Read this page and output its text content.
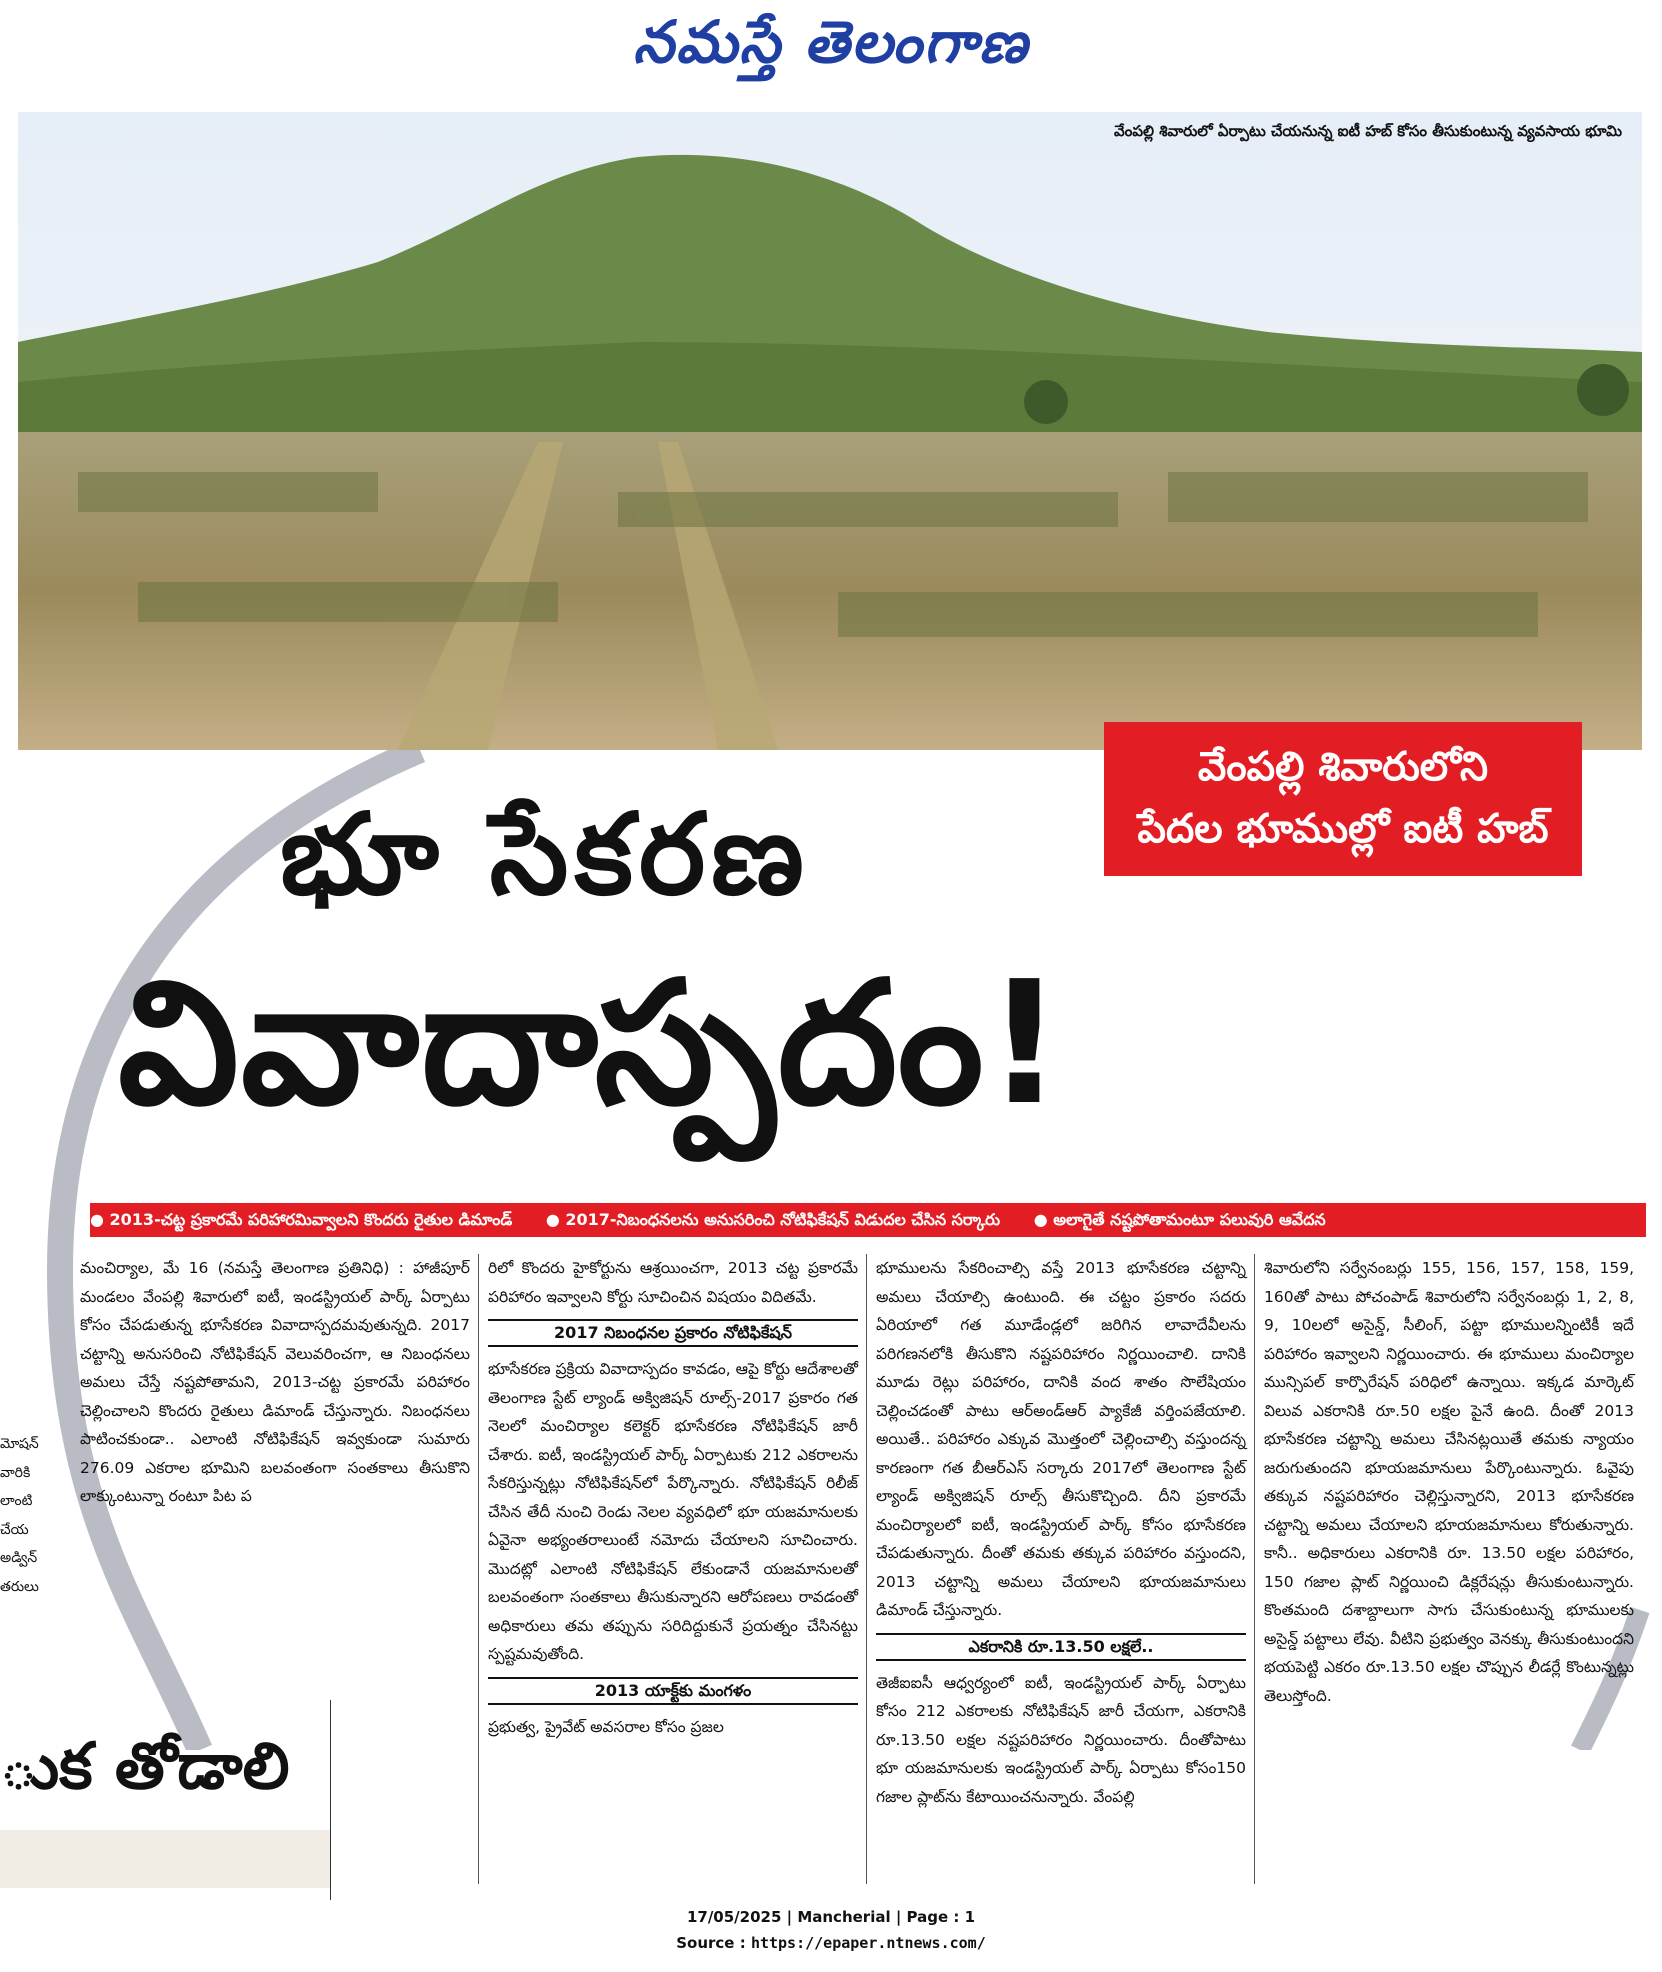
నమస్తే తెలంగాణ
వేంపల్లి శివారులో ఏర్పాటు చేయనున్న ఐటీ హబ్ కోసం తీసుకుంటున్న వ్యవసాయ భూమి
వేంపల్లి శివారులోని
పేదల భూముల్లో ఐటీ హబ్
భూ సేకరణ
వివాదాస్పదం!
● 2013-చట్ట ప్రకారమే పరిహారమివ్వాలని కొందరు రైతుల డిమాండ్ ● 2017-నిబంధనలను అనుసరించి నోటిఫికేషన్ విడుదల చేసిన సర్కారు ● అలాగైతే నష్టపోతామంటూ పలువురి ఆవేదన
మోషన్
వారికి
లాంటి
చేయ
అడ్విన్
తరులు
ుక తోడాలి

మంచిర్యాల, మే 16 (నమస్తే తెలంగాణ ప్రతినిధి) : హాజీపూర్ మండలం వేంపల్లి శివారులో ఐటీ, ఇండస్ట్రియల్ పార్క్ ఏర్పాటు కోసం చేపడుతున్న భూసేకరణ వివాదాస్పదమవుతున్నది. 2017 చట్టాన్ని అనుసరించి నోటిఫికేషన్ వెలువరించగా, ఆ నిబంధనలు అమలు చేస్తే నష్టపోతామని, 2013-చట్ట ప్రకారమే పరిహారం చెల్లించాలని కొందరు రైతులు డిమాండ్ చేస్తున్నారు. నిబంధనలు పాటించకుండా.. ఎలాంటి నోటిఫికేషన్ ఇవ్వకుండా సుమారు 276.09 ఎకరాల భూమిని బలవంతంగా సంతకాలు తీసుకొని లాక్కుంటున్నా రంటూ పిట ప

రిలో కొందరు హైకోర్టును ఆశ్రయించగా, 2013 చట్ట ప్రకారమే పరిహారం ఇవ్వాలని కోర్టు సూచించిన విషయం విదితమే.

2017 నిబంధనల ప్రకారం నోటిఫికేషన్

భూసేకరణ ప్రక్రియ వివాదాస్పదం కావడం, ఆపై కోర్టు ఆదేశాలతో తెలంగాణ స్టేట్ ల్యాండ్ అక్విజిషన్ రూల్స్-2017 ప్రకారం గత నెలలో మంచిర్యాల కలెక్టర్ భూసేకరణ నోటిఫికేషన్ జారీ చేశారు. ఐటీ, ఇండస్ట్రియల్ పార్క్ ఏర్పాటుకు 212 ఎకరాలను సేకరిస్తున్నట్లు నోటిఫికేషన్‌లో పేర్కొన్నారు. నోటిఫికేషన్ రిలీజ్ చేసిన తేదీ నుంచి రెండు నెలల వ్యవధిలో భూ యజమానులకు ఏవైనా అభ్యంతరాలుంటే నమోదు చేయాలని సూచించారు. మొదట్లో ఎలాంటి నోటిఫికేషన్ లేకుండానే యజమానులతో బలవంతంగా సంతకాలు తీసుకున్నారని ఆరోపణలు రావడంతో అధికారులు తమ తప్పును సరిదిద్దుకునే ప్రయత్నం చేసినట్టు స్పష్టమవుతోంది.

2013 యాక్ట్‌కు మంగళం

ప్రభుత్వ, ప్రైవేట్ అవసరాల కోసం ప్రజల

భూములను సేకరించాల్సి వస్తే 2013 భూసేకరణ చట్టాన్ని అమలు చేయాల్సి ఉంటుంది. ఈ చట్టం ప్రకారం సదరు ఏరియాలో గత మూడేండ్లలో జరిగిన లావాదేవీలను పరిగణనలోకి తీసుకొని నష్టపరిహారం నిర్ణయించాలి. దానికి మూడు రెట్లు పరిహారం, దానికి వంద శాతం సొలేషియం చెల్లించడంతో పాటు ఆర్‌అండ్‌ఆర్ ప్యాకేజీ వర్తింపజేయాలి. అయితే.. పరిహారం ఎక్కువ మొత్తంలో చెల్లించాల్సి వస్తుందన్న కారణంగా గత బీఆర్ఎస్ సర్కారు 2017లో తెలంగాణ స్టేట్ ల్యాండ్ అక్విజిషన్ రూల్స్ తీసుకొచ్చింది. దీని ప్రకారమే మంచిర్యాలలో ఐటీ, ఇండస్ట్రియల్ పార్క్ కోసం భూసేకరణ చేపడుతున్నారు. దీంతో తమకు తక్కువ పరిహారం వస్తుందని, 2013 చట్టాన్ని అమలు చేయాలని భూయజమానులు డిమాండ్ చేస్తున్నారు.

ఎకరానికి రూ.13.50 లక్షలే..

తెజీఐఐసీ ఆధ్వర్యంలో ఐటీ, ఇండస్ట్రియల్ పార్క్ ఏర్పాటు కోసం 212 ఎకరాలకు నోటిఫికేషన్ జారీ చేయగా, ఎకరానికి రూ.13.50 లక్షల నష్టపరిహారం నిర్ణయించారు. దీంతోపాటు భూ యజమానులకు ఇండస్ట్రియల్ పార్క్ ఏర్పాటు కోసం150 గజాల ప్లాట్‌ను కేటాయించనున్నారు. వేంపల్లి

శివారులోని సర్వేనంబర్లు 155, 156, 157, 158, 159, 160తో పాటు పోచంపాడ్ శివారులోని సర్వేనంబర్లు 1, 2, 8, 9, 10లలో అసైన్డ్, సీలింగ్, పట్టా భూములన్నింటికీ ఇదే పరిహారం ఇవ్వాలని నిర్ణయించారు. ఈ భూములు మంచిర్యాల మున్సిపల్ కార్పొరేషన్ పరిధిలో ఉన్నాయి. ఇక్కడ మార్కెట్ విలువ ఎకరానికి రూ.50 లక్షల పైనే ఉంది. దీంతో 2013 భూసేకరణ చట్టాన్ని అమలు చేసినట్లయితే తమకు న్యాయం జరుగుతుందని భూయజమానులు పేర్కొంటున్నారు. ఓవైపు తక్కువ నష్టపరిహారం చెల్లిస్తున్నారని, 2013 భూసేకరణ చట్టాన్ని అమలు చేయాలని భూయజమానులు కోరుతున్నారు. కానీ.. అధికారులు ఎకరానికి రూ. 13.50 లక్షల పరిహారం, 150 గజాల ప్లాట్ నిర్ణయించి డిక్లరేషన్లు తీసుకుంటున్నారు. కొంతమంది దశాబ్దాలుగా సాగు చేసుకుంటున్న భూములకు అసైన్డ్ పట్టాలు లేవు. వీటిని ప్రభుత్వం వెనక్కు తీసుకుంటుందని భయపెట్టి ఎకరం రూ.13.50 లక్షల చొప్పున లీడర్లే కొంటున్నట్లు తెలుస్తోంది.

17/05/2025 | Mancherial | Page : 1
Source : https://epaper.ntnews.com/
